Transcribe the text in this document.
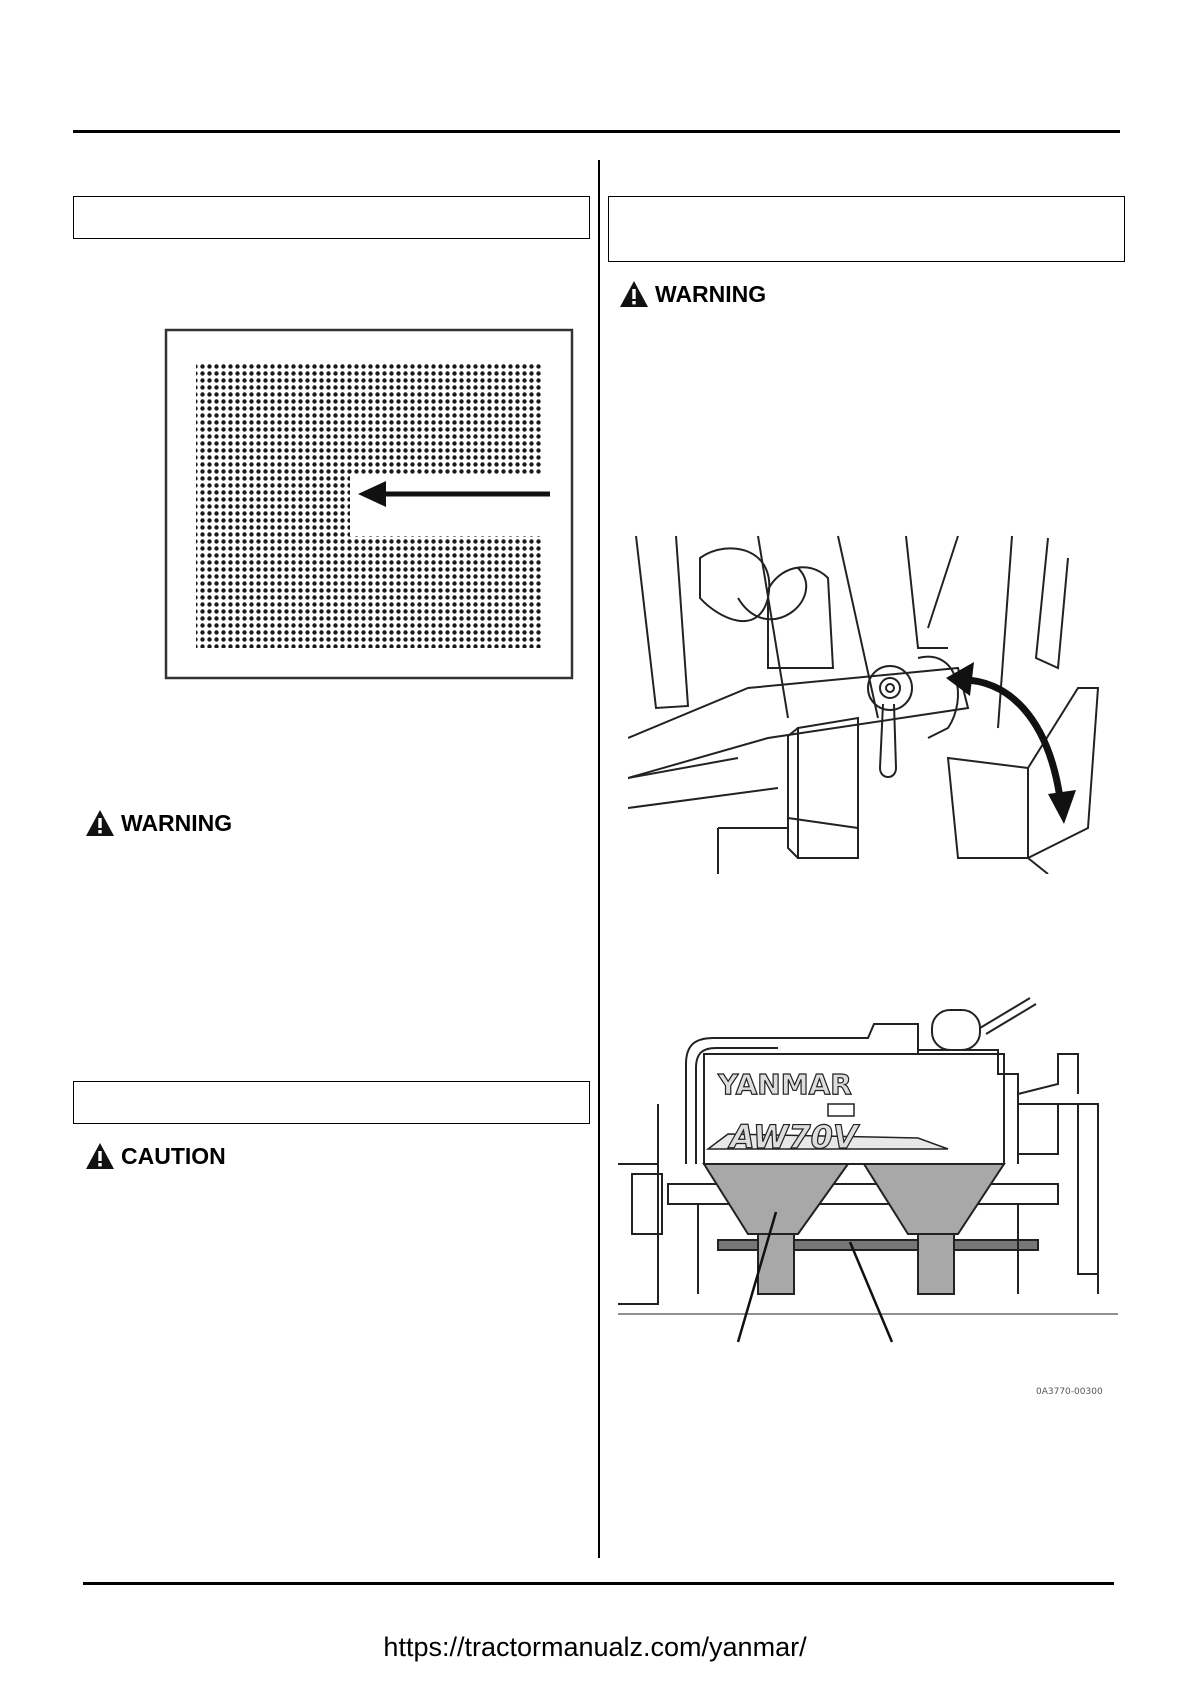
WARNING
CAUTION
WARNING
YANMAR
AW70V
0A3770-00300
https://tractormanualz.com/yanmar/
